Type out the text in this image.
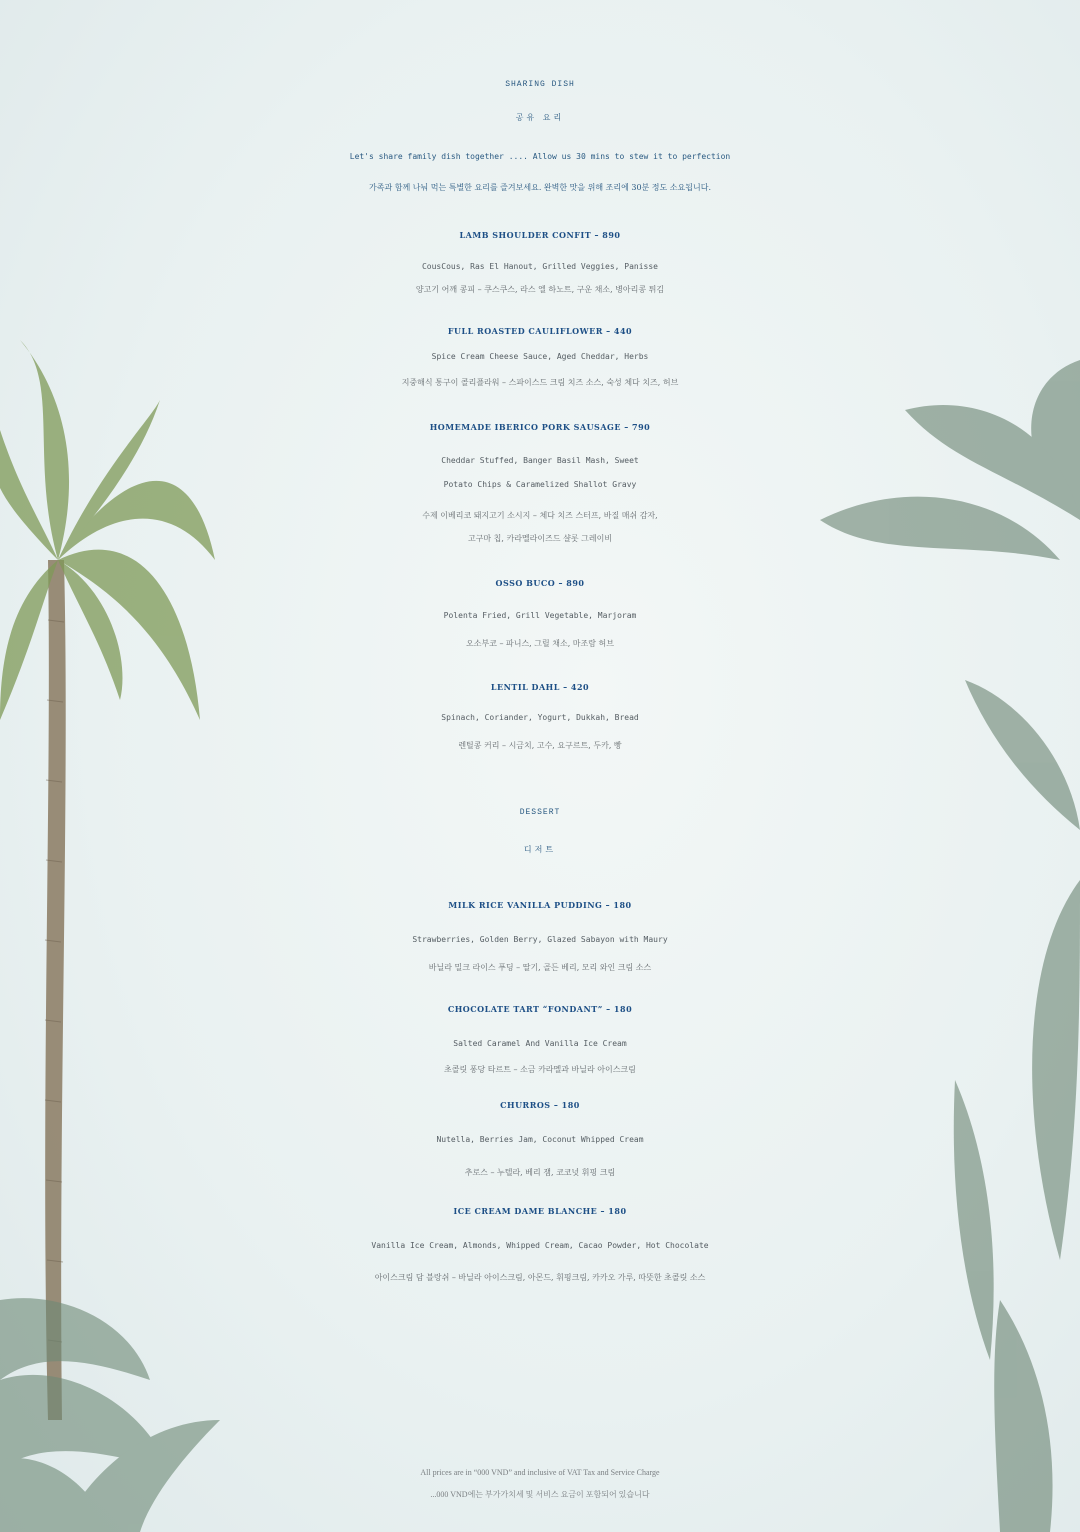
SHARING DISH
공유 요리
Let's share family dish together .... Allow us 30 mins to stew it to perfection
가족과 함께 나눠 먹는 특별한 요리를 즐겨보세요. 완벽한 맛을 위해 조리에 30분 정도 소요됩니다.
LAMB SHOULDER CONFIT – 890
CousCous, Ras El Hanout, Grilled Veggies, Panisse
양고기 어깨 콩피 – 쿠스쿠스, 라스 엘 하노트, 구운 채소, 병아리콩 튀김
FULL ROASTED CAULIFLOWER – 440
Spice Cream Cheese Sauce, Aged Cheddar, Herbs
지중해식 통구이 콜리플라워 – 스파이스드 크림 치즈 소스, 숙성 체다 치즈, 허브
HOMEMADE IBERICO PORK SAUSAGE – 790
Cheddar Stuffed, Banger Basil Mash, Sweet
Potato Chips & Caramelized Shallot Gravy
수제 이베리코 돼지고기 소시지 – 체다 치즈 스터프, 바질 매쉬 감자,
고구마 칩, 카라멜라이즈드 샬롯 그레이비
OSSO BUCO – 890
Polenta Fried, Grill Vegetable, Marjoram
오소부코 – 파니스, 그릴 채소, 마조람 허브
LENTIL DAHL – 420
Spinach, Coriander, Yogurt, Dukkah, Bread
렌틸콩 커리 – 시금치, 고수, 요구르트, 두카, 빵
DESSERT
디저트
MILK RICE VANILLA PUDDING – 180
Strawberries, Golden Berry, Glazed Sabayon with Maury
바닐라 밀크 라이스 푸딩 – 딸기, 골든 베리, 모리 와인 크림 소스
CHOCOLATE TART “FONDANT” – 180
Salted Caramel And Vanilla Ice Cream
초콜릿 퐁당 타르트 – 소금 카라멜과 바닐라 아이스크림
CHURROS – 180
Nutella, Berries Jam, Coconut Whipped Cream
추로스 – 누텔라, 베리 잼, 코코넛 휘핑 크림
ICE CREAM DAME BLANCHE – 180
Vanilla Ice Cream, Almonds, Whipped Cream, Cacao Powder, Hot Chocolate
아이스크림 담 블랑쉬 – 바닐라 아이스크림, 아몬드, 휘핑크림, 카카오 가루, 따뜻한 초콜릿 소스
All prices are in “000 VND” and inclusive of VAT Tax and Service Charge
...000 VND에는 부가가치세 및 서비스 요금이 포함되어 있습니다
